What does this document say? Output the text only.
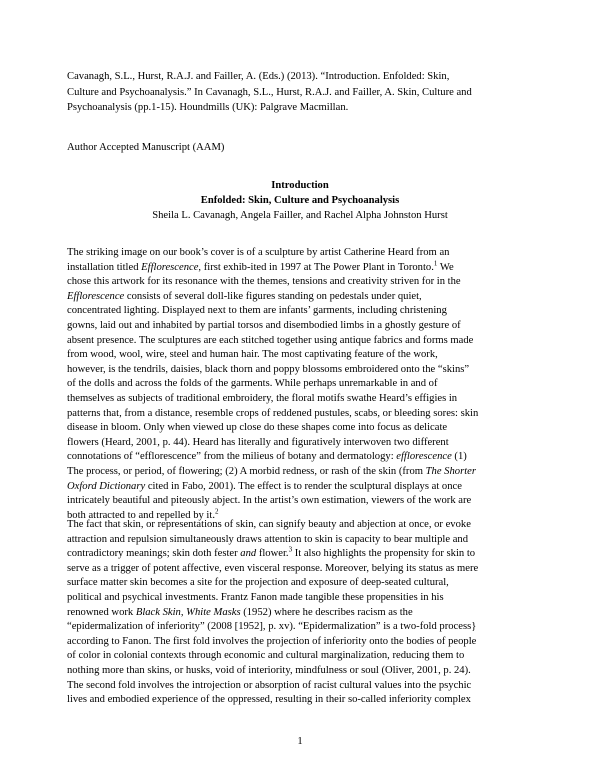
Cavanagh, S.L., Hurst, R.A.J. and Failler, A. (Eds.) (2013). “Introduction. Enfolded: Skin,
Culture and Psychoanalysis.” In Cavanagh, S.L., Hurst, R.A.J. and Failler, A. Skin, Culture and
Psychoanalysis (pp.1-15). Houndmills (UK): Palgrave Macmillan.
Author Accepted Manuscript (AAM)
Introduction
Enfolded: Skin, Culture and Psychoanalysis
Sheila L. Cavanagh, Angela Failler, and Rachel Alpha Johnston Hurst
The striking image on our book’s cover is of a sculpture by artist Catherine Heard from an
installation titled Efflorescence, first exhib-ited in 1997 at The Power Plant in Toronto.$^1$ We
chose this artwork for its resonance with the themes, tensions and creativity striven for in the
Efflorescence consists of several doll-like figures standing on pedestals under quiet,
concentrated lighting. Displayed next to them are infants’ garments, including christening
gowns, laid out and inhabited by partial torsos and disembodied limbs in a ghostly gesture of
absent presence. The sculptures are each stitched together using antique fabrics and forms made
from wood, wool, wire, steel and human hair. The most captivating feature of the work,
however, is the tendrils, daisies, black thorn and poppy blossoms embroidered onto the “skins”
of the dolls and across the folds of the garments. While perhaps unremarkable in and of
themselves as subjects of traditional embroidery, the floral motifs swathe Heard’s effigies in
patterns that, from a distance, resemble crops of reddened pustules, scabs, or bleeding sores: skin
disease in bloom. Only when viewed up close do these shapes come into focus as delicate
flowers (Heard, 2001, p. 44). Heard has literally and figuratively interwoven two different
connotations of “efflorescence” from the milieus of botany and dermatology: efflorescence (1)
The process, or period, of flowering; (2) A morbid redness, or rash of the skin (from The Shorter
Oxford Dictionary cited in Fabo, 2001). The effect is to render the sculptural displays at once
intricately beautiful and piteously abject. In the artist’s own estimation, viewers of the work are
both attracted to and repelled by it.$^2$
The fact that skin, or representations of skin, can signify beauty and abjection at once, or evoke
attraction and repulsion simultaneously draws attention to skin is capacity to bear multiple and
contradictory meanings; skin doth fester and flower.$^3$ It also highlights the propensity for skin to
serve as a trigger of potent affective, even visceral response. Moreover, belying its status as mere
surface matter skin becomes a site for the projection and exposure of deep-seated cultural,
political and psychical investments. Frantz Fanon made tangible these propensities in his
renowned work Black Skin, White Masks (1952) where he describes racism as the
“epidermalization of inferiority” (2008 [1952], p. xv). “Epidermalization” is a two-fold process}
according to Fanon. The first fold involves the projection of inferiority onto the bodies of people
of color in colonial contexts through economic and cultural marginalization, reducing them to
nothing more than skins, or husks, void of interiority, mindfulness or soul (Oliver, 2001, p. 24).
The second fold involves the introjection or absorption of racist cultural values into the psychic
lives and embodied experience of the oppressed, resulting in their so-called inferiority complex
1
